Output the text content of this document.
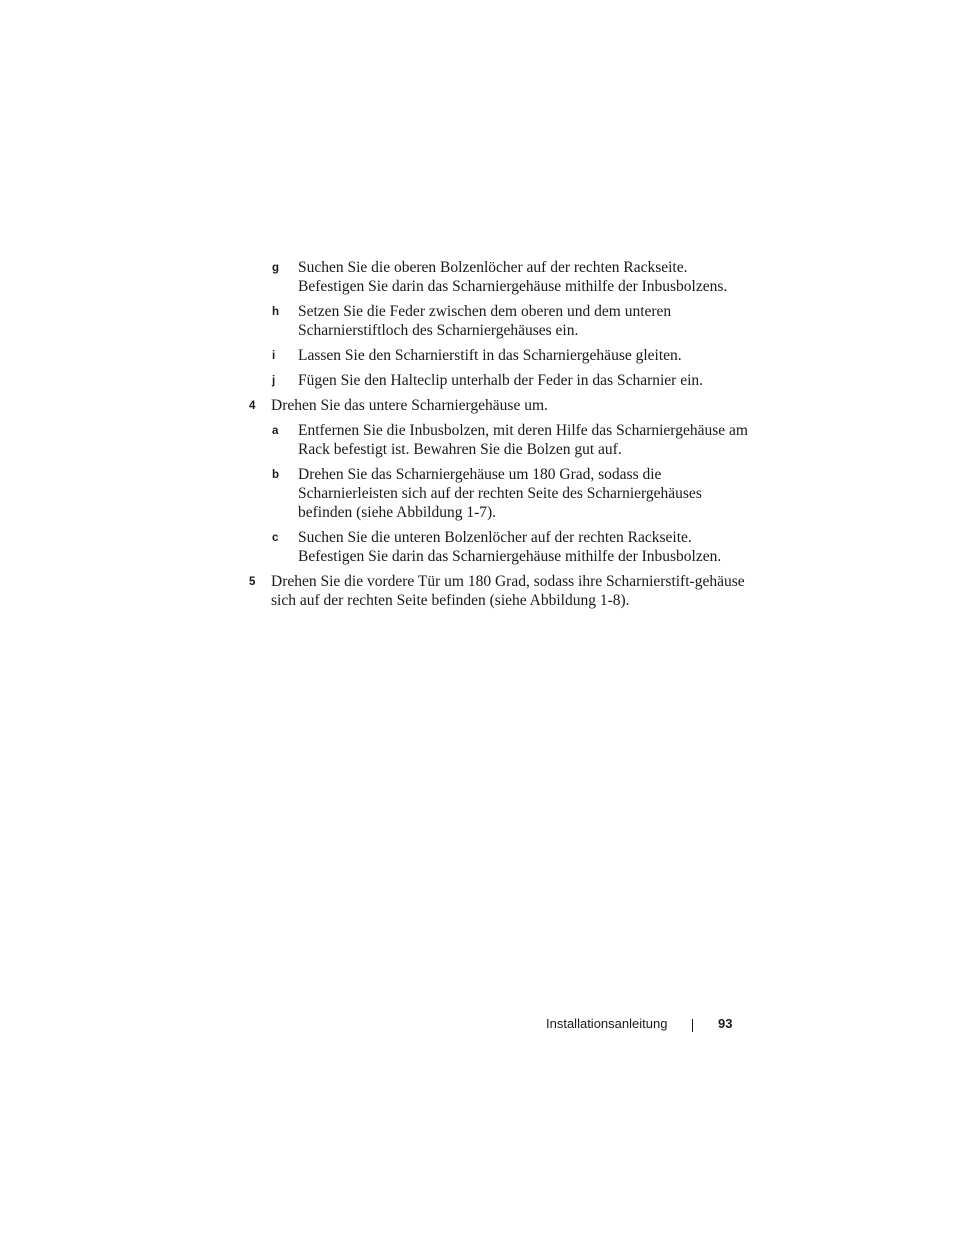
g Suchen Sie die oberen Bolzenlöcher auf der rechten Rackseite. Befestigen Sie darin das Scharniergehäuse mithilfe der Inbusbolzens.
h Setzen Sie die Feder zwischen dem oberen und dem unteren Scharnierstiftloch des Scharniergehäuses ein.
i Lassen Sie den Scharnierstift in das Scharniergehäuse gleiten.
j Fügen Sie den Halteclip unterhalb der Feder in das Scharnier ein.
4 Drehen Sie das untere Scharniergehäuse um.
a Entfernen Sie die Inbusbolzen, mit deren Hilfe das Scharniergehäuse am Rack befestigt ist. Bewahren Sie die Bolzen gut auf.
b Drehen Sie das Scharniergehäuse um 180 Grad, sodass die Scharnierleisten sich auf der rechten Seite des Scharniergehäuses befinden (siehe Abbildung 1-7).
c Suchen Sie die unteren Bolzenlöcher auf der rechten Rackseite. Befestigen Sie darin das Scharniergehäuse mithilfe der Inbusbolzen.
5 Drehen Sie die vordere Tür um 180 Grad, sodass ihre Scharnierstift-gehäuse sich auf der rechten Seite befinden (siehe Abbildung 1-8).
Installationsanleitung	93
